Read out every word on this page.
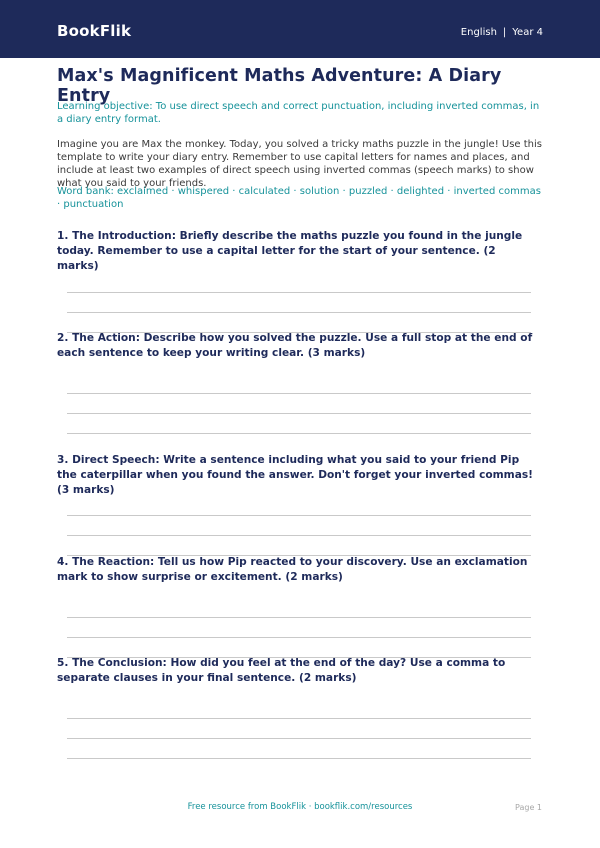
BookFlik	English | Year 4
Max's Magnificent Maths Adventure: A Diary Entry

Learning objective: To use direct speech and correct punctuation, including inverted commas, in a diary entry format.

Imagine you are Max the monkey. Today, you solved a tricky maths puzzle in the jungle! Use this template to write your diary entry. Remember to use capital letters for names and places, and include at least two examples of direct speech using inverted commas (speech marks) to show what you said to your friends.

Word bank: exclaimed · whispered · calculated · solution · puzzled · delighted · inverted commas · punctuation

1. The Introduction: Briefly describe the maths puzzle you found in the jungle today. Remember to use a capital letter for the start of your sentence. (2 marks)

2. The Action: Describe how you solved the puzzle. Use a full stop at the end of each sentence to keep your writing clear. (3 marks)

3. Direct Speech: Write a sentence including what you said to your friend Pip the caterpillar when you found the answer. Don't forget your inverted commas! (3 marks)

4. The Reaction: Tell us how Pip reacted to your discovery. Use an exclamation mark to show surprise or excitement. (2 marks)

5. The Conclusion: How did you feel at the end of the day? Use a comma to separate clauses in your final sentence. (2 marks)

Free resource from BookFlik · bookflik.com/resources	Page 1
